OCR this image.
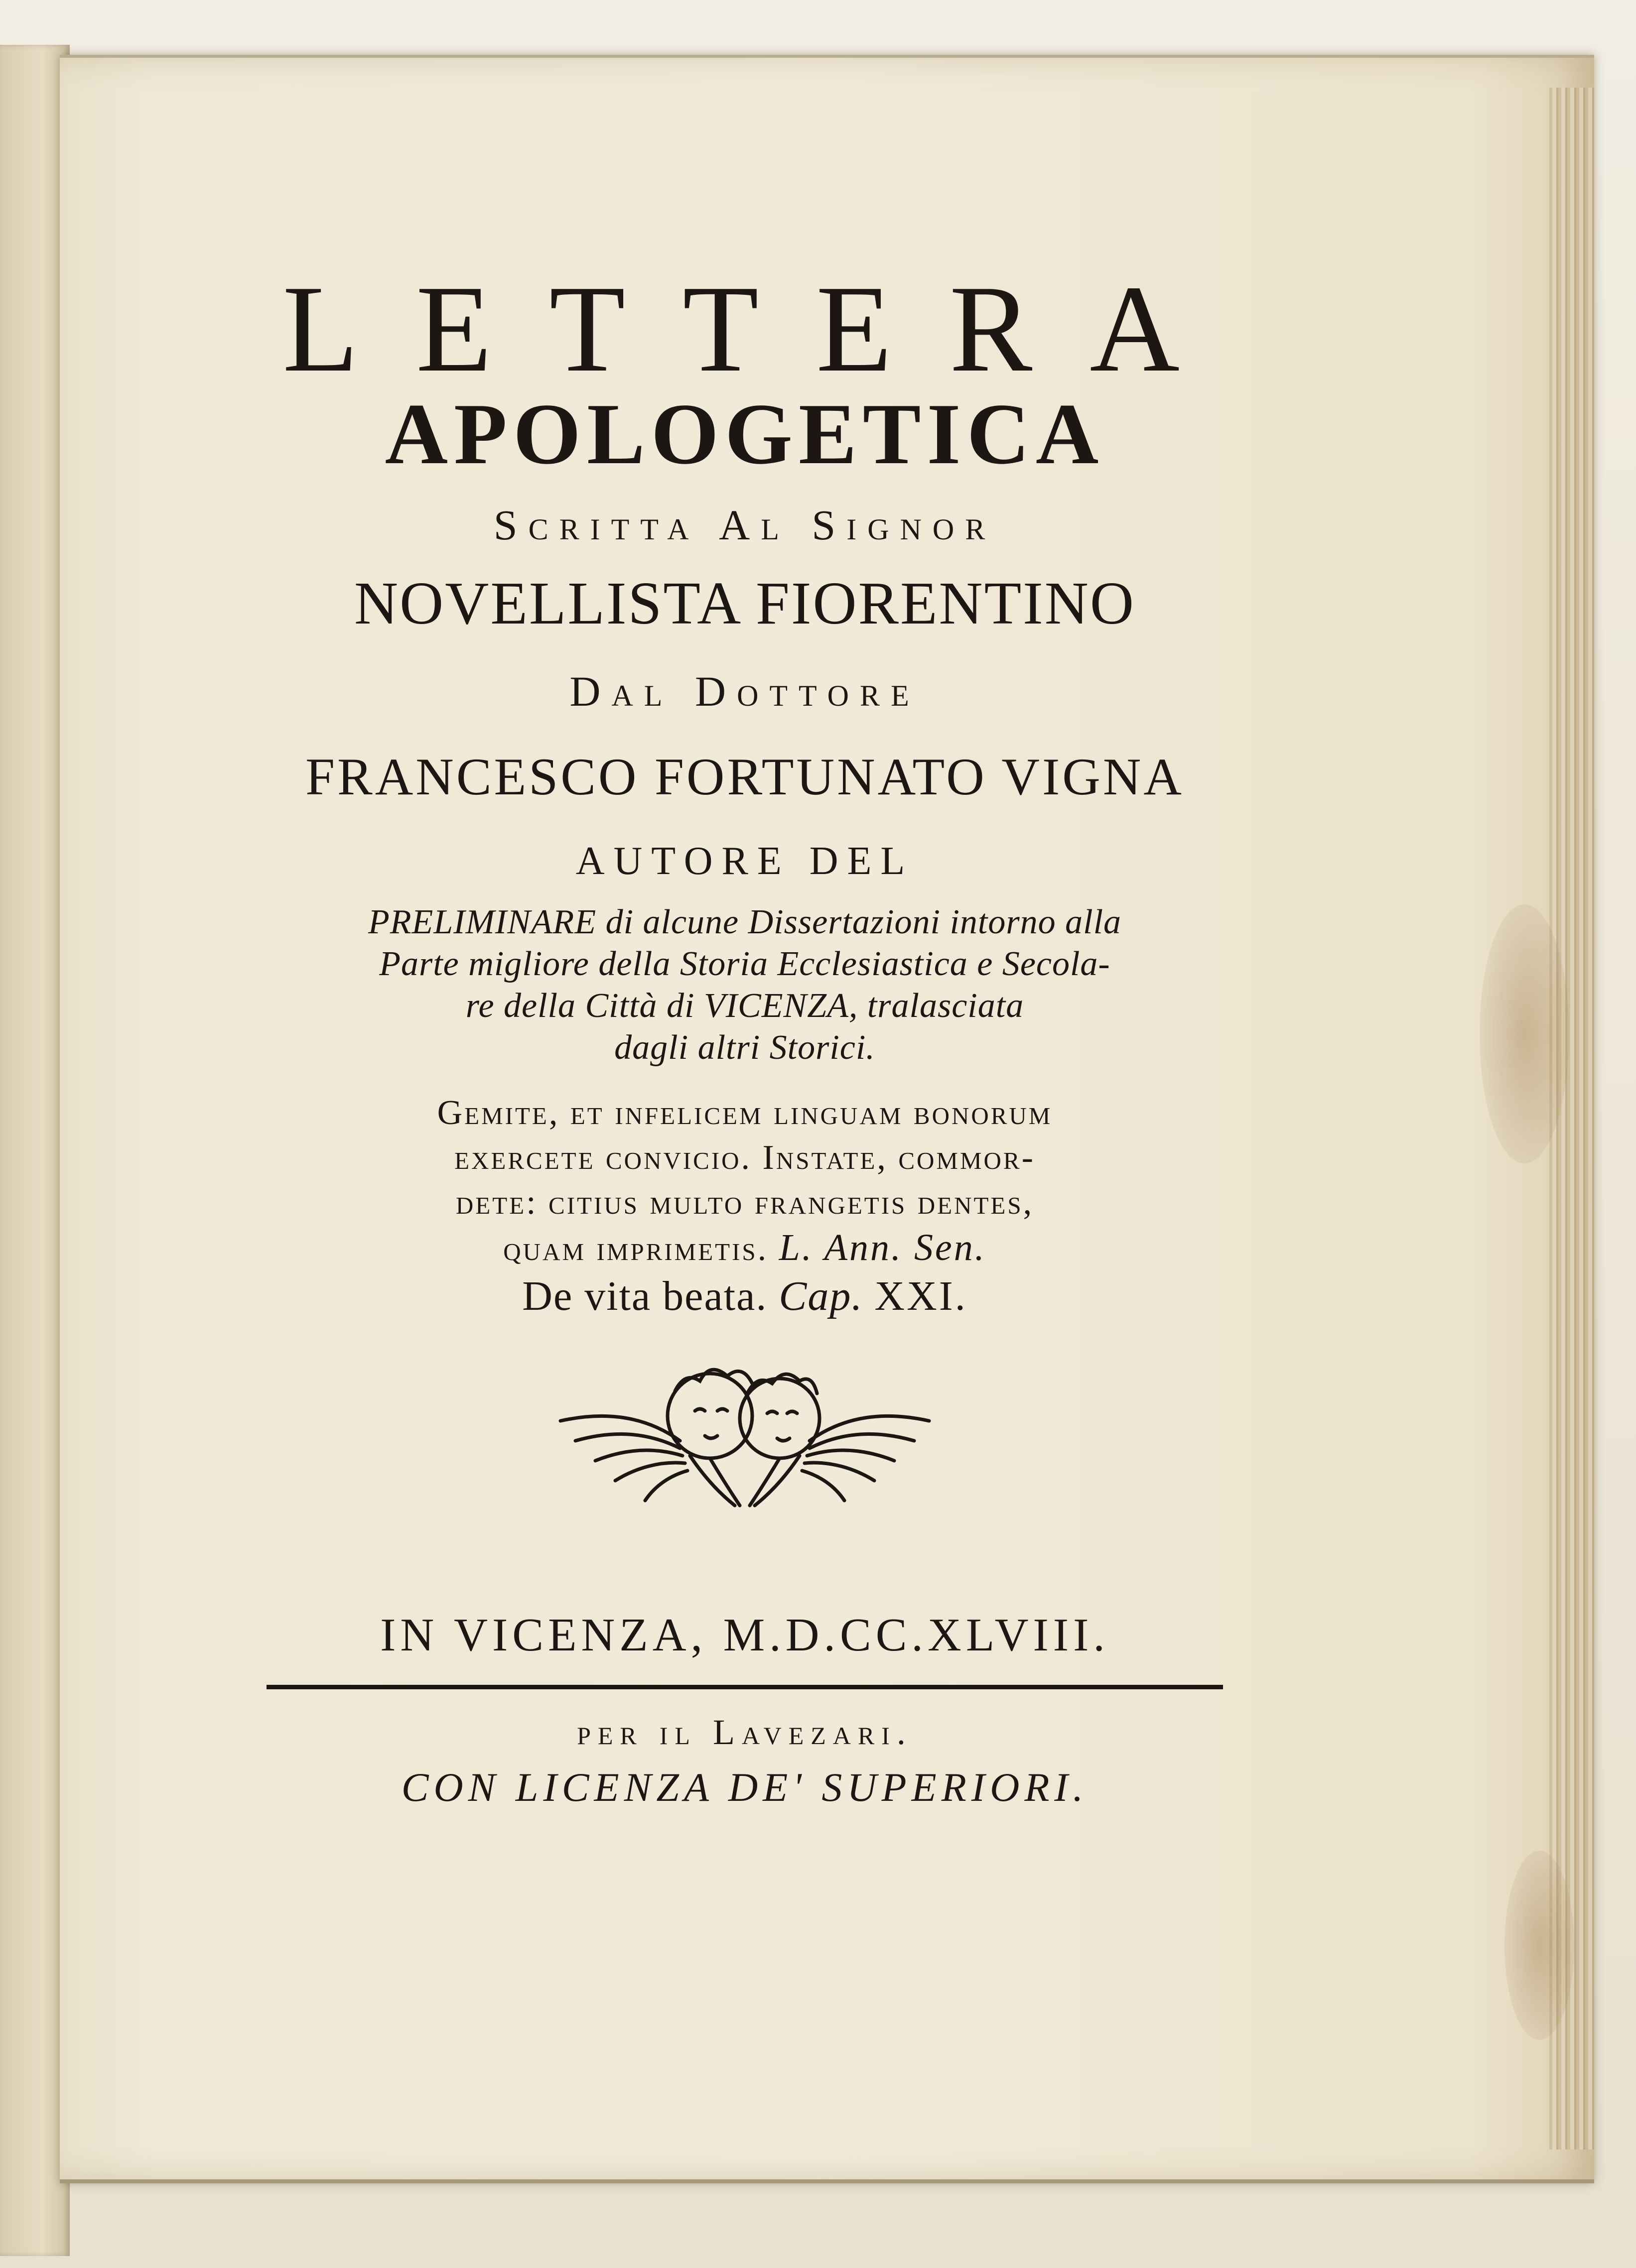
LETTERA
APOLOGETICA
Scritta Al Signor
NOVELLISTA FIORENTINO
Dal Dottore
FRANCESCO FORTUNATO VIGNA
AUTORE DEL
PRELIMINARE di alcune Dissertazioni intorno alla
Parte migliore della Storia Ecclesiastica e Secola-
re della Città di VICENZA, tralasciata
dagli altri Storici.
Gemite, et infelicem linguam bonorum
exercete convicio. Instate, commor-
dete: citius multo frangetis dentes,
quam imprimetis. L. Ann. Sen.
De vita beata. Cap. XXI.
IN VICENZA, M.D.CC.XLVIII.
per il Lavezari.
CON LICENZA DE' SUPERIORI.
